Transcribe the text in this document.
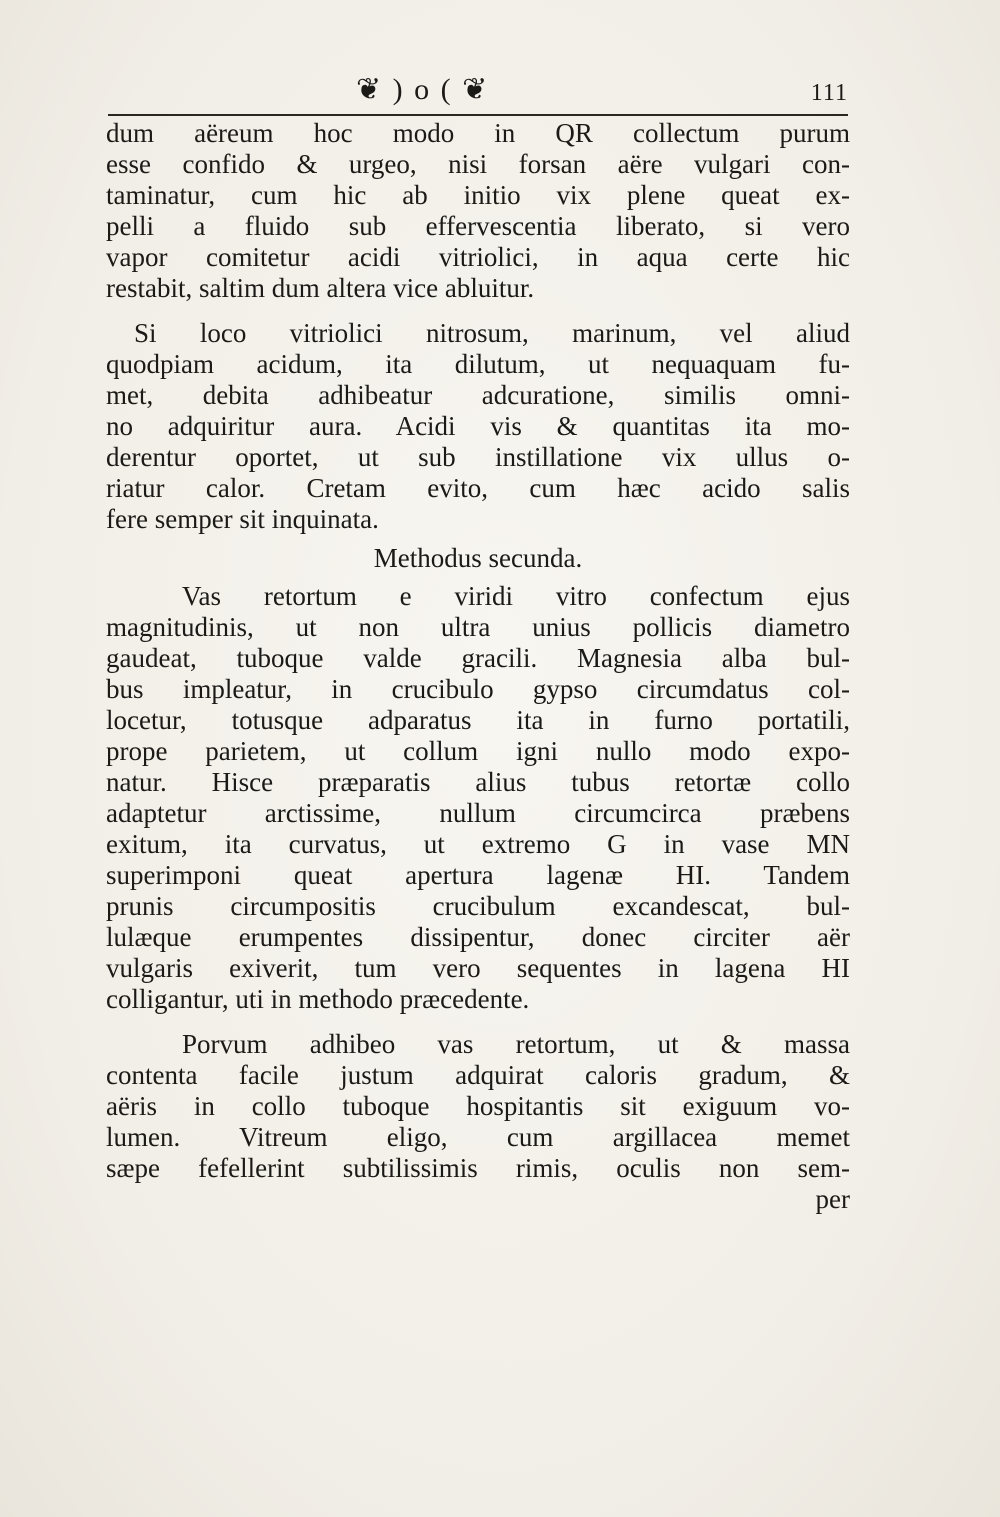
❦ ) o ( ❦	111
dum aëreum hoc modo in QR collectum purum
esse confido & urgeo, nisi forsan aëre vulgari con-
taminatur, cum hic ab initio vix plene queat ex-
pelli a fluido sub effervescentia liberato, si vero
vapor comitetur acidi vitriolici, in aqua certe hic
restabit, saltim dum altera vice abluitur.
Si loco vitriolici nitrosum, marinum, vel aliud
quodpiam acidum, ita dilutum, ut nequaquam fu-
met, debita adhibeatur adcuratione, similis omni-
no adquiritur aura. Acidi vis & quantitas ita mo-
derentur oportet, ut sub instillatione vix ullus o-
riatur calor. Cretam evito, cum hæc acido salis
fere semper sit inquinata.
Methodus secunda.
Vas retortum e viridi vitro confectum ejus
magnitudinis, ut non ultra unius pollicis diametro
gaudeat, tuboque valde gracili. Magnesia alba bul-
bus impleatur, in crucibulo gypso circumdatus col-
locetur, totusque adparatus ita in furno portatili,
prope parietem, ut collum igni nullo modo expo-
natur. Hisce præparatis alius tubus retortæ collo
adaptetur arctissime, nullum circumcirca præbens
exitum, ita curvatus, ut extremo G in vase MN
superimponi queat apertura lagenæ HI. Tandem
prunis circumpositis crucibulum excandescat, bul-
lulæque erumpentes dissipentur, donec circiter aër
vulgaris exiverit, tum vero sequentes in lagena HI
colligantur, uti in methodo præcedente.
Porvum adhibeo vas retortum, ut & massa
contenta facile justum adquirat caloris gradum, &
aëris in collo tuboque hospitantis sit exiguum vo-
lumen. Vitreum eligo, cum argillacea memet
sæpe fefellerint subtilissimis rimis, oculis non sem-
per
